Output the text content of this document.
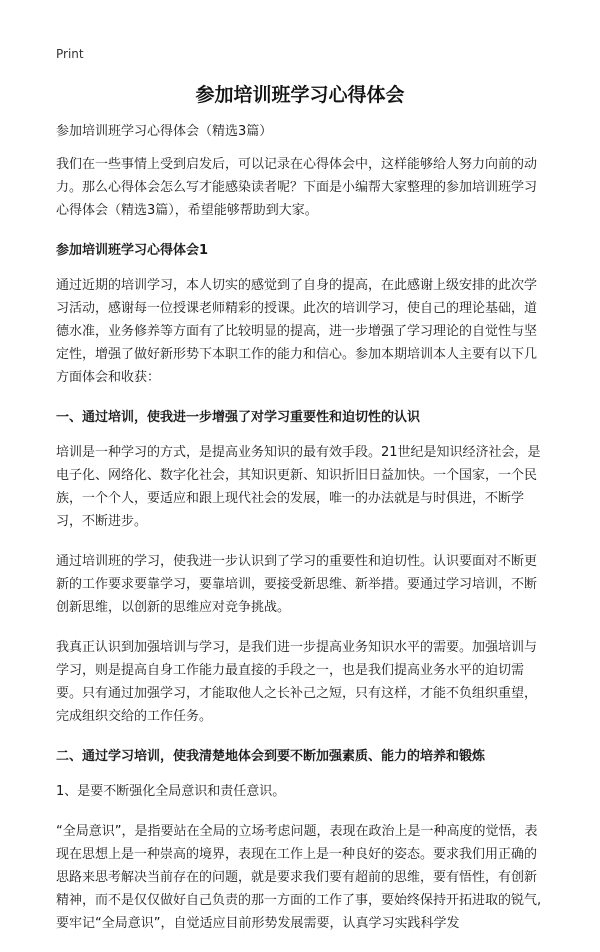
Print
参加培训班学习心得体会

参加培训班学习心得体会（精选3篇）

我们在一些事情上受到启发后，可以记录在心得体会中，这样能够给人努力向前的动力。那么心得体会怎么写才能感染读者呢？下面是小编帮大家整理的参加培训班学习心得体会（精选3篇），希望能够帮助到大家。

参加培训班学习心得体会1

通过近期的培训学习，本人切实的感觉到了自身的提高，在此感谢上级安排的此次学习活动，感谢每一位授课老师精彩的授课。此次的培训学习，使自己的理论基础，道德水准，业务修养等方面有了比较明显的提高，进一步增强了学习理论的自觉性与坚定性，增强了做好新形势下本职工作的能力和信心。参加本期培训本人主要有以下几方面体会和收获：

一、通过培训，使我进一步增强了对学习重要性和迫切性的认识

培训是一种学习的方式，是提高业务知识的最有效手段。21世纪是知识经济社会，是电子化、网络化、数字化社会，其知识更新、知识折旧日益加快。一个国家，一个民族，一个个人，要适应和跟上现代社会的发展，唯一的办法就是与时俱进，不断学习，不断进步。

通过培训班的学习，使我进一步认识到了学习的重要性和迫切性。认识要面对不断更新的工作要求要靠学习，要靠培训，要接受新思维、新举措。要通过学习培训，不断创新思维，以创新的思维应对竞争挑战。

我真正认识到加强培训与学习，是我们进一步提高业务知识水平的需要。加强培训与学习，则是提高自身工作能力最直接的手段之一，也是我们提高业务水平的迫切需要。只有通过加强学习，才能取他人之长补己之短，只有这样，才能不负组织重望，完成组织交给的工作任务。

二、通过学习培训，使我清楚地体会到要不断加强素质、能力的培养和锻炼

1、是要不断强化全局意识和责任意识。

“全局意识”，是指要站在全局的立场考虑问题，表现在政治上是一种高度的觉悟，表现在思想上是一种崇高的境界，表现在工作上是一种良好的姿态。要求我们用正确的思路来思考解决当前存在的问题，就是要求我们要有超前的思维，要有悟性，有创新精神，而不是仅仅做好自己负责的那一方面的工作了事，要始终保持开拓进取的锐气,要牢记“全局意识”，自觉适应目前形势发展需要，认真学习实践科学发
